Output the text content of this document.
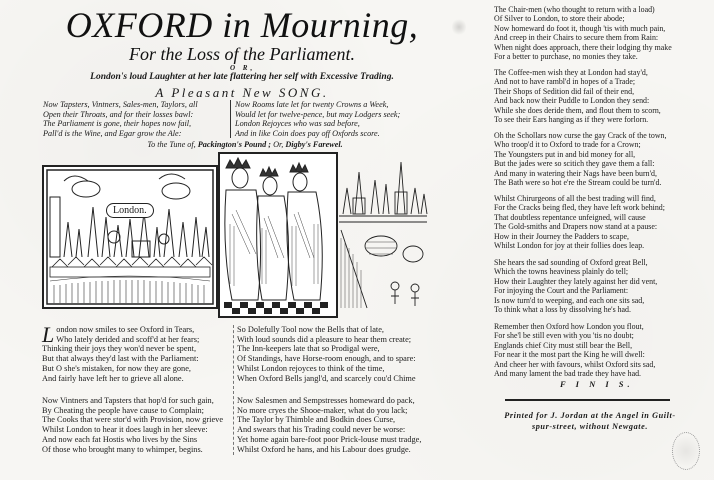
OXFORD in Mourning,
For the Loss of the Parliament.
O R,
London's loud Laughter at her late flattering her self with Excessive Trading.
A Pleasant New SONG.
Now Tapsters, Vintners, Sales-men, Taylors, all
Open their Throats, and for their losses bawl:
The Parliament is gone, their hopes now fail,
Pall'd is the Wine, and Egar grow the Ale:
Now Rooms late let for twenty Crowns a Week,
Would let for twelve-pence, but may Lodgers seek;
London Rejoyces who was sad before,
And in like Coin does pay off Oxfords score.
To the Tune of, Packington's Pound ; Or, Digby's Farewel.
London.
L ondon now smiles to see Oxford in Tears,
Who lately derided and scoff'd at her fears;
Thinking their joys they won'd never be spent,
But that always they'd last with the Parliament:
But O she's mistaken, for now they are gone,
And fairly have left her to grieve all alone.
Now Vintners and Tapsters that hop'd for such gain,
By Cheating the people have cause to Complain;
The Cooks that were stor'd with Provision, now grieve
Whilst London to hear it does laugh in her sleeve:
And now each fat Hostis who lives by the Sins
Of those who brought many to whimper, begins.
So Dolefully Tool now the Bells that of late,
With loud sounds did a pleasure to hear them create;
The Inn-keepers late that so Prodigal were,
Of Standings, have Horse-room enough, and to spare:
Whilst London rejoyces to think of the time,
When Oxford Bells jangl'd, and scarcely cou'd Chime
Now Salesmen and Sempstresses homeward do pack,
No more cryes the Shooe-maker, what do you lack;
The Taylor by Thimble and Bodkin does Curse,
And swears that his Trading could never be worse:
Yet home again bare-foot poor Prick-louse must tradge,
Whilst Oxford he hans, and his Labour does grudge.
The Chair-men (who thought to return with a load)
Of Silver to London, to store their abode;
Now homeward do foot it, though 'tis with much pain,
And creep in their Chairs to secure them from Rain:
When night does approach, there their lodging thy make
For a better to purchase, no monies they take.
The Coffee-men wish they at London had stay'd,
And not to have rambl'd in hopes of a Trade;
Their Shops of Sedition did fail of their end,
And back now their Puddle to London they send:
While she does deride them, and flout them to scorn,
To see their Ears hanging as if they were forlorn.
Oh the Schollars now curse the gay Crack of the town,
Who troop'd it to Oxford to trade for a Crown;
The Youngsters put in and bid money for all,
But the jades were so scitich they gave them a fall:
And many in watering their Nags have been burn'd,
The Bath were so hot e're the Stream could be turn'd.
Whilst Chirurgeons of all the best trading will find,
For the Cracks being fled, they have left work behind;
That doubtless repentance unfeigned, will cause
The Gold-smiths and Drapers now stand at a pause:
How in their Journey the Padders to scape,
Whilst London for joy at their follies does leap.
She hears the sad sounding of Oxford great Bell,
Which the towns heaviness plainly do tell;
How their Laughter they lately against her did vent,
For injoying the Court and the Parliament:
Is now turn'd to weeping, and each one sits sad,
To think what a loss by dissolving he's had.
Remember then Oxford how London you flout,
For she'l be still even with you 'tis no doubt;
Englands chief City must still bear the Bell,
For near it the most part the King he will dwell:
And cheer her with favours, whilst Oxford sits sad,
And many lament the bad trade they have had.
F I N I S.
Printed for J. Jordan at the Angel in Guilt-
spur-street, without Newgate.
